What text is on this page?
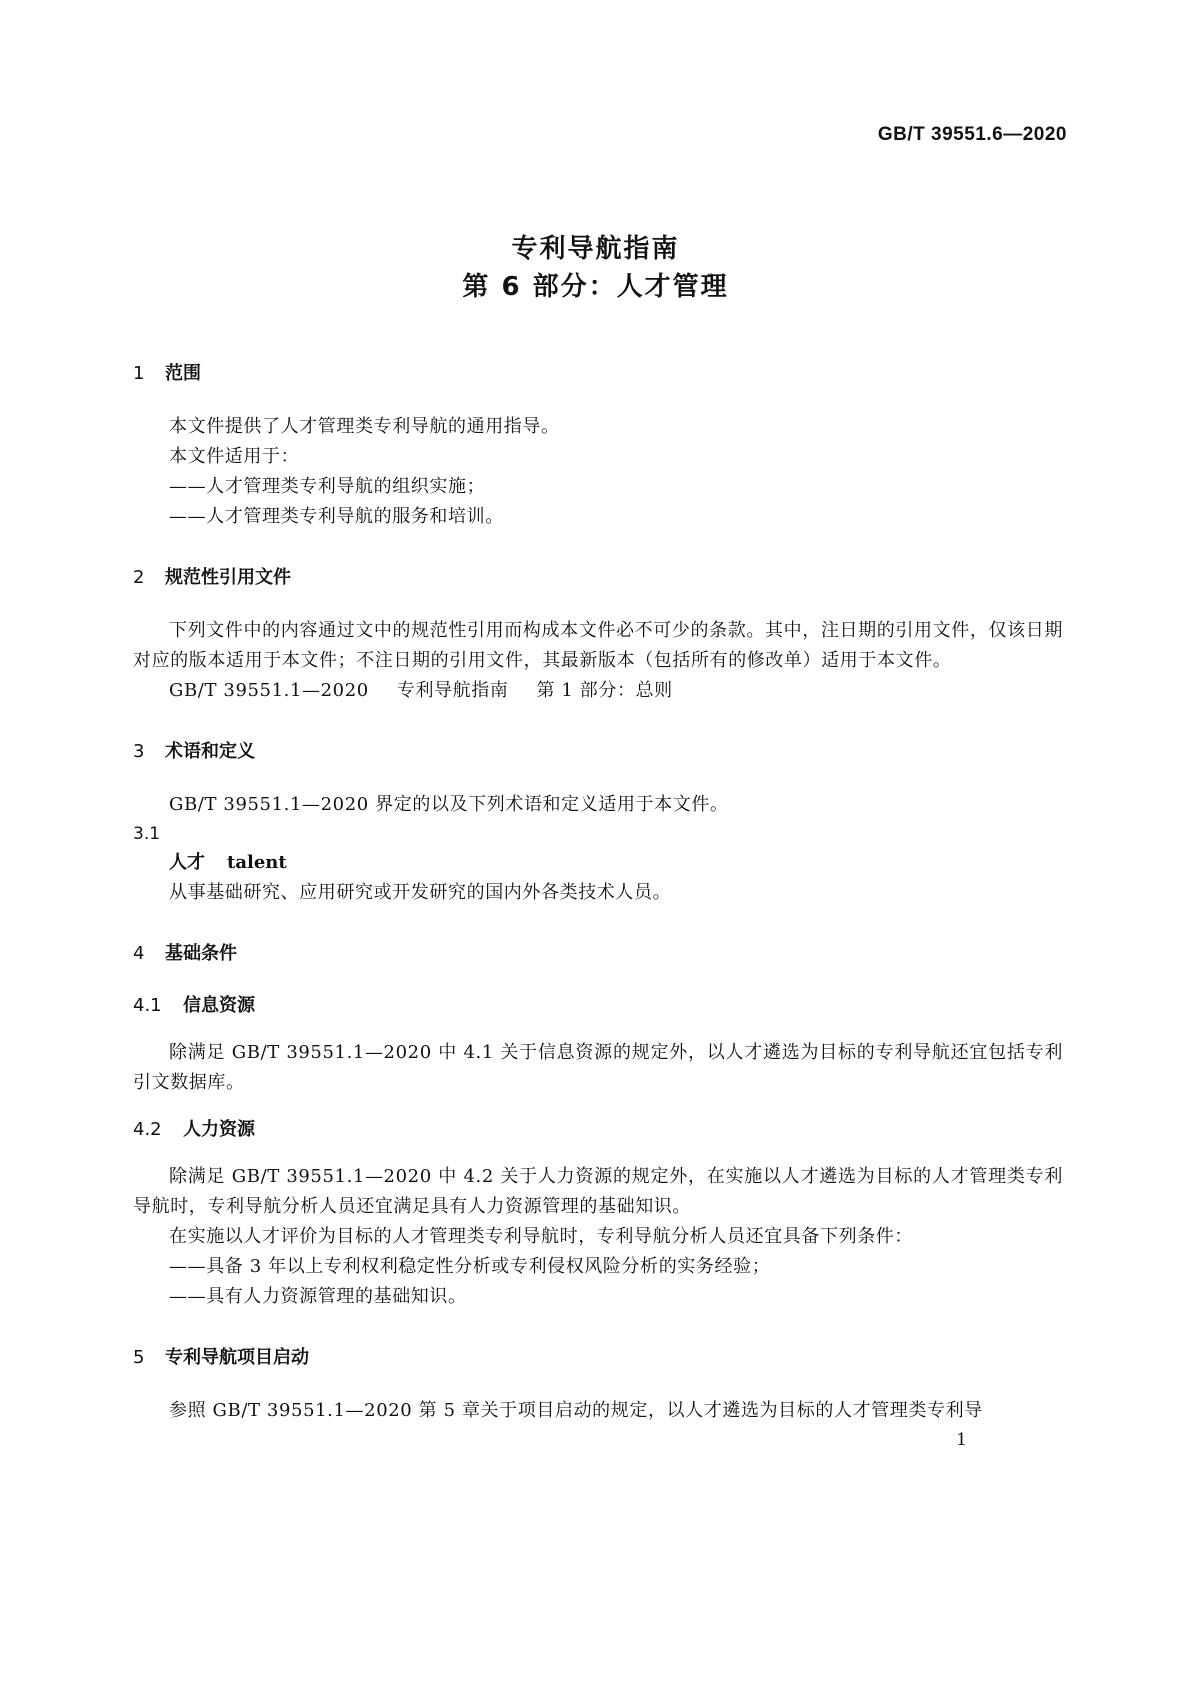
GB/T 39551.6—2020
专利导航指南
第 6 部分：人才管理
1 范围
本文件提供了人才管理类专利导航的通用指导。
本文件适用于：
——人才管理类专利导航的组织实施；
——人才管理类专利导航的服务和培训。
2 规范性引用文件
下列文件中的内容通过文中的规范性引用而构成本文件必不可少的条款。其中，注日期的引用文件，仅该日期对应的版本适用于本文件；不注日期的引用文件，其最新版本（包括所有的修改单）适用于本文件。
GB/T 39551.1—2020 专利导航指南 第 1 部分：总则
3 术语和定义
GB/T 39551.1—2020 界定的以及下列术语和定义适用于本文件。
3.1
人才 talent
从事基础研究、应用研究或开发研究的国内外各类技术人员。
4 基础条件
4.1 信息资源
除满足 GB/T 39551.1—2020 中 4.1 关于信息资源的规定外，以人才遴选为目标的专利导航还宜包括专利引文数据库。
4.2 人力资源
除满足 GB/T 39551.1—2020 中 4.2 关于人力资源的规定外，在实施以人才遴选为目标的人才管理类专利导航时，专利导航分析人员还宜满足具有人力资源管理的基础知识。
在实施以人才评价为目标的人才管理类专利导航时，专利导航分析人员还宜具备下列条件：
——具备 3 年以上专利权利稳定性分析或专利侵权风险分析的实务经验；
——具有人力资源管理的基础知识。
5 专利导航项目启动
参照 GB/T 39551.1—2020 第 5 章关于项目启动的规定，以人才遴选为目标的人才管理类专利导
1
